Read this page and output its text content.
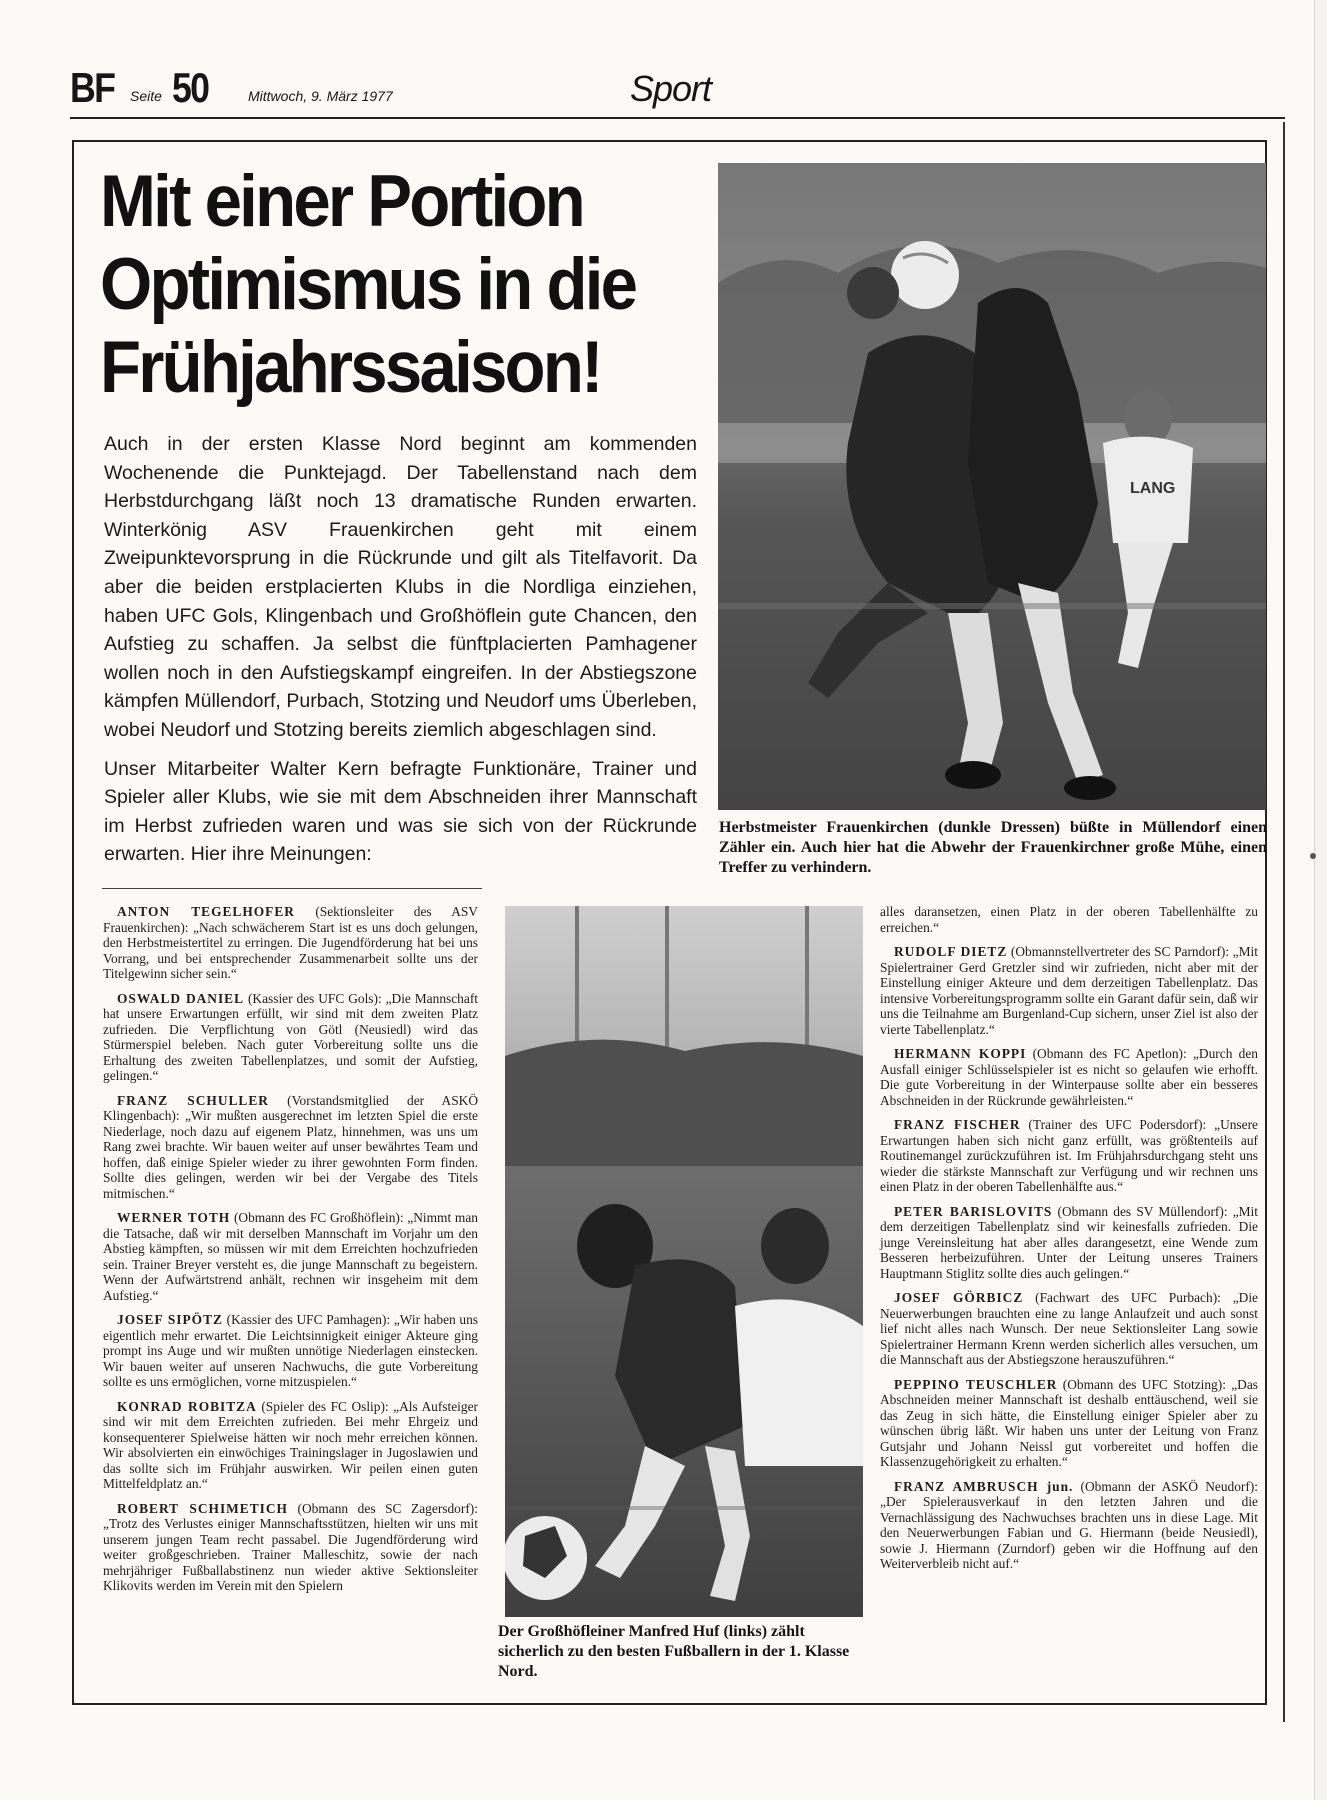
BF Seite 50	Mittwoch, 9. März 1977	Sport
Mit einer Portion
Optimismus in die
Frühjahrssaison!

Auch in der ersten Klasse Nord beginnt am kommenden Wochenende die Punktejagd. Der Tabellenstand nach dem Herbstdurchgang läßt noch 13 dramatische Runden erwarten. Winterkönig ASV Frauenkirchen geht mit einem Zweipunktevorsprung in die Rückrunde und gilt als Titelfavorit. Da aber die beiden erstplacierten Klubs in die Nordliga einziehen, haben UFC Gols, Klingenbach und Großhöflein gute Chancen, den Aufstieg zu schaffen. Ja selbst die fünftplacierten Pamhagener wollen noch in den Aufstiegskampf eingreifen. In der Abstiegszone kämpfen Müllendorf, Purbach, Stotzing und Neudorf ums Überleben, wobei Neudorf und Stotzing bereits ziemlich abgeschlagen sind.

Unser Mitarbeiter Walter Kern befragte Funktionäre, Trainer und Spieler aller Klubs, wie sie mit dem Abschneiden ihrer Mannschaft im Herbst zufrieden waren und was sie sich von der Rückrunde erwarten. Hier ihre Meinungen:

LANG
Herbstmeister Frauenkirchen (dunkle Dressen) büßte in Müllendorf einen Zähler ein. Auch hier hat die Abwehr der Frauenkirchner große Mühe, einen Treffer zu verhindern.
Der Großhöfleiner Manfred Huf (links) zählt sicherlich zu den besten Fußballern in der 1. Klasse Nord.

ANTON TEGELHOFER (Sektionsleiter des ASV Frauenkirchen): „Nach schwächerem Start ist es uns doch gelungen, den Herbstmeistertitel zu erringen. Die Jugendförderung hat bei uns Vorrang, und bei entsprechender Zusammenarbeit sollte uns der Titelgewinn sicher sein.“

OSWALD DANIEL (Kassier des UFC Gols): „Die Mannschaft hat unsere Erwartungen erfüllt, wir sind mit dem zweiten Platz zufrieden. Die Verpflichtung von Götl (Neusiedl) wird das Stürmerspiel beleben. Nach guter Vorbereitung sollte uns die Erhaltung des zweiten Tabellenplatzes, und somit der Aufstieg, gelingen.“

FRANZ SCHULLER (Vorstandsmitglied der ASKÖ Klingenbach): „Wir mußten ausgerechnet im letzten Spiel die erste Niederlage, noch dazu auf eigenem Platz, hinnehmen, was uns um Rang zwei brachte. Wir bauen weiter auf unser bewährtes Team und hoffen, daß einige Spieler wieder zu ihrer gewohnten Form finden. Sollte dies gelingen, werden wir bei der Vergabe des Titels mitmischen.“

WERNER TOTH (Obmann des FC Großhöflein): „Nimmt man die Tatsache, daß wir mit derselben Mannschaft im Vorjahr um den Abstieg kämpften, so müssen wir mit dem Erreichten hochzufrieden sein. Trainer Breyer versteht es, die junge Mannschaft zu begeistern. Wenn der Aufwärtstrend anhält, rechnen wir insgeheim mit dem Aufstieg.“

JOSEF SIPÖTZ (Kassier des UFC Pamhagen): „Wir haben uns eigentlich mehr erwartet. Die Leichtsinnigkeit einiger Akteure ging prompt ins Auge und wir mußten unnötige Niederlagen einstecken. Wir bauen weiter auf unseren Nachwuchs, die gute Vorbereitung sollte es uns ermöglichen, vorne mitzuspielen.“

KONRAD ROBITZA (Spieler des FC Oslip): „Als Aufsteiger sind wir mit dem Erreichten zufrieden. Bei mehr Ehrgeiz und konsequenterer Spielweise hätten wir noch mehr erreichen können. Wir absolvierten ein einwöchiges Trainingslager in Jugoslawien und das sollte sich im Frühjahr auswirken. Wir peilen einen guten Mittelfeldplatz an.“

ROBERT SCHIMETICH (Obmann des SC Zagersdorf): „Trotz des Verlustes einiger Mannschaftsstützen, hielten wir uns mit unserem jungen Team recht passabel. Die Jugendförderung wird weiter großgeschrieben. Trainer Malleschitz, sowie der nach mehrjähriger Fußballabstinenz nun wieder aktive Sektionsleiter Klikovits werden im Verein mit den Spielern

alles daransetzen, einen Platz in der oberen Tabellenhälfte zu erreichen.“

RUDOLF DIETZ (Obmannstellvertreter des SC Parndorf): „Mit Spielertrainer Gerd Gretzler sind wir zufrieden, nicht aber mit der Einstellung einiger Akteure und dem derzeitigen Tabellenplatz. Das intensive Vorbereitungsprogramm sollte ein Garant dafür sein, daß wir uns die Teilnahme am Burgenland-Cup sichern, unser Ziel ist also der vierte Tabellenplatz.“

HERMANN KOPPI (Obmann des FC Apetlon): „Durch den Ausfall einiger Schlüsselspieler ist es nicht so gelaufen wie erhofft. Die gute Vorbereitung in der Winterpause sollte aber ein besseres Abschneiden in der Rückrunde gewährleisten.“

FRANZ FISCHER (Trainer des UFC Podersdorf): „Unsere Erwartungen haben sich nicht ganz erfüllt, was größtenteils auf Routinemangel zurückzuführen ist. Im Frühjahrsdurchgang steht uns wieder die stärkste Mannschaft zur Verfügung und wir rechnen uns einen Platz in der oberen Tabellenhälfte aus.“

PETER BARISLOVITS (Obmann des SV Müllendorf): „Mit dem derzeitigen Tabellenplatz sind wir keinesfalls zufrieden. Die junge Vereinsleitung hat aber alles darangesetzt, eine Wende zum Besseren herbeizuführen. Unter der Leitung unseres Trainers Hauptmann Stiglitz sollte dies auch gelingen.“

JOSEF GÖRBICZ (Fachwart des UFC Purbach): „Die Neuerwerbungen brauchten eine zu lange Anlaufzeit und auch sonst lief nicht alles nach Wunsch. Der neue Sektionsleiter Lang sowie Spielertrainer Hermann Krenn werden sicherlich alles versuchen, um die Mannschaft aus der Abstiegszone herauszuführen.“

PEPPINO TEUSCHLER (Obmann des UFC Stotzing): „Das Abschneiden meiner Mannschaft ist deshalb enttäuschend, weil sie das Zeug in sich hätte, die Einstellung einiger Spieler aber zu wünschen übrig läßt. Wir haben uns unter der Leitung von Franz Gutsjahr und Johann Neissl gut vorbereitet und hoffen die Klassenzugehörigkeit zu erhalten.“

FRANZ AMBRUSCH jun. (Obmann der ASKÖ Neudorf): „Der Spielerausverkauf in den letzten Jahren und die Vernachlässigung des Nachwuchses brachten uns in diese Lage. Mit den Neuerwerbungen Fabian und G. Hiermann (beide Neusiedl), sowie J. Hiermann (Zurndorf) geben wir die Hoffnung auf den Weiterverbleib nicht auf.“
